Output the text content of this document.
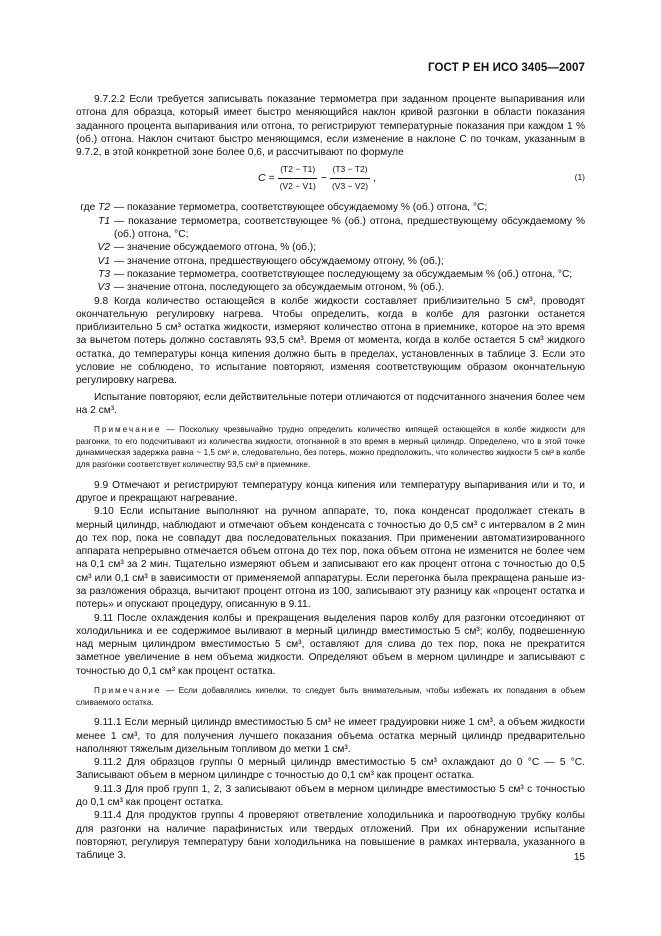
ГОСТ Р ЕН ИСО 3405—2007

9.7.2.2 Если требуется записывать показание термометра при заданном проценте выпаривания или отгона для образца, который имеет быстро меняющийся наклон кривой разгонки в области показания заданного процента выпаривания или отгона, то регистрируют температурные показания при каждом 1 % (об.) отгона. Наклон считают быстро меняющимся, если изменение в наклоне C по точкам, указанным в 9.7.2, в этой конкретной зоне более 0,6, и рассчитывают по формуле

$C = \frac{(T2 - T1)}{(V2 - V1)} - \frac{(T3 - T2)}{(V3 - V2)}$ ,	(1)
где T2 — показание термометра, соответствующее обсуждаемому % (об.) отгона, °С;
T1 — показание термометра, соответствующее % (об.) отгона, предшествующему обсуждаемому % (об.) отгона, °С;
V2 — значение обсуждаемого отгона, % (об.);
V1 — значение отгона, предшествующего обсуждаемому отгону, % (об.);
T3 — показание термометра, соответствующее последующему за обсуждаемым % (об.) отгона, °С;
V3 — значение отгона, последующего за обсуждаемым отгоном, % (об.).

9.8 Когда количество остающейся в колбе жидкости составляет приблизительно 5 см³, проводят окончательную регулировку нагрева. Чтобы определить, когда в колбе для разгонки останется приблизительно 5 см³ остатка жидкости, измеряют количество отгона в приемнике, которое на это время за вычетом потерь должно составлять 93,5 см³. Время от момента, когда в колбе остается 5 см³ жидкого остатка, до температуры конца кипения должно быть в пределах, установленных в таблице 3. Если это условие не соблюдено, то испытание повторяют, изменяя соответствующим образом окончательную регулировку нагрева.

Испытание повторяют, если действительные потери отличаются от подсчитанного значения более чем на 2 см³.

Примечание — Поскольку чрезвычайно трудно определить количество кипящей остающейся в колбе жидкости для разгонки, то его подсчитывают из количества жидкости, отогнанной в это время в мерный цилиндр. Определено, что в этой точке динамическая задержка равна ~ 1,5 см³ и, следовательно, без потерь, можно предположить, что количество жидкости 5 см³ в колбе для разгонки соответствует количеству 93,5 см³ в приемнике.

9.9 Отмечают и регистрируют температуру конца кипения или температуру выпаривания или и то, и другое и прекращают нагревание.

9.10 Если испытание выполняют на ручном аппарате, то, пока конденсат продолжает стекать в мерный цилиндр, наблюдают и отмечают объем конденсата с точностью до 0,5 см³ с интервалом в 2 мин до тех пор, пока не совпадут два последовательных показания. При применении автоматизированного аппарата непрерывно отмечается объем отгона до тех пор, пока объем отгона не изменится не более чем на 0,1 см³ за 2 мин. Тщательно измеряют объем и записывают его как процент отгона с точностью до 0,5 см³ или 0,1 см³ в зависимости от применяемой аппаратуры. Если перегонка была прекращена раньше из-за разложения образца, вычитают процент отгона из 100, записывают эту разницу как «процент остатка и потерь» и опускают процедуру, описанную в 9.11.

9.11 После охлаждения колбы и прекращения выделения паров колбу для разгонки отсоединяют от холодильника и ее содержимое выливают в мерный цилиндр вместимостью 5 см³; колбу, подвешенную над мерным цилиндром вместимостью 5 см³, оставляют для слива до тех пор, пока не прекратится заметное увеличение в нем объема жидкости. Определяют объем в мерном цилиндре и записывают с точностью до 0,1 см³ как процент остатка.

Примечание — Если добавлялись кипелки, то следует быть внимательным, чтобы избежать их попадания в объем сливаемого остатка.

9.11.1 Если мерный цилиндр вместимостью 5 см³ не имеет градуировки ниже 1 см³, а объем жидкости менее 1 см³, то для получения лучшего показания объема остатка мерный цилиндр предварительно наполняют тяжелым дизельным топливом до метки 1 см³.

9.11.2 Для образцов группы 0 мерный цилиндр вместимостью 5 см³ охлаждают до 0 °С — 5 °С. Записывают объем в мерном цилиндре с точностью до 0,1 см³ как процент остатка.

9.11.3 Для проб групп 1, 2, 3 записывают объем в мерном цилиндре вместимостью 5 см³ с точностью до 0,1 см³ как процент остатка.

9.11.4 Для продуктов группы 4 проверяют ответвление холодильника и пароотводную трубку колбы для разгонки на наличие парафинистых или твердых отложений. При их обнаружении испытание повторяют, регулируя температуру бани холодильника на повышение в рамках интервала, указанного в таблице 3.	15
